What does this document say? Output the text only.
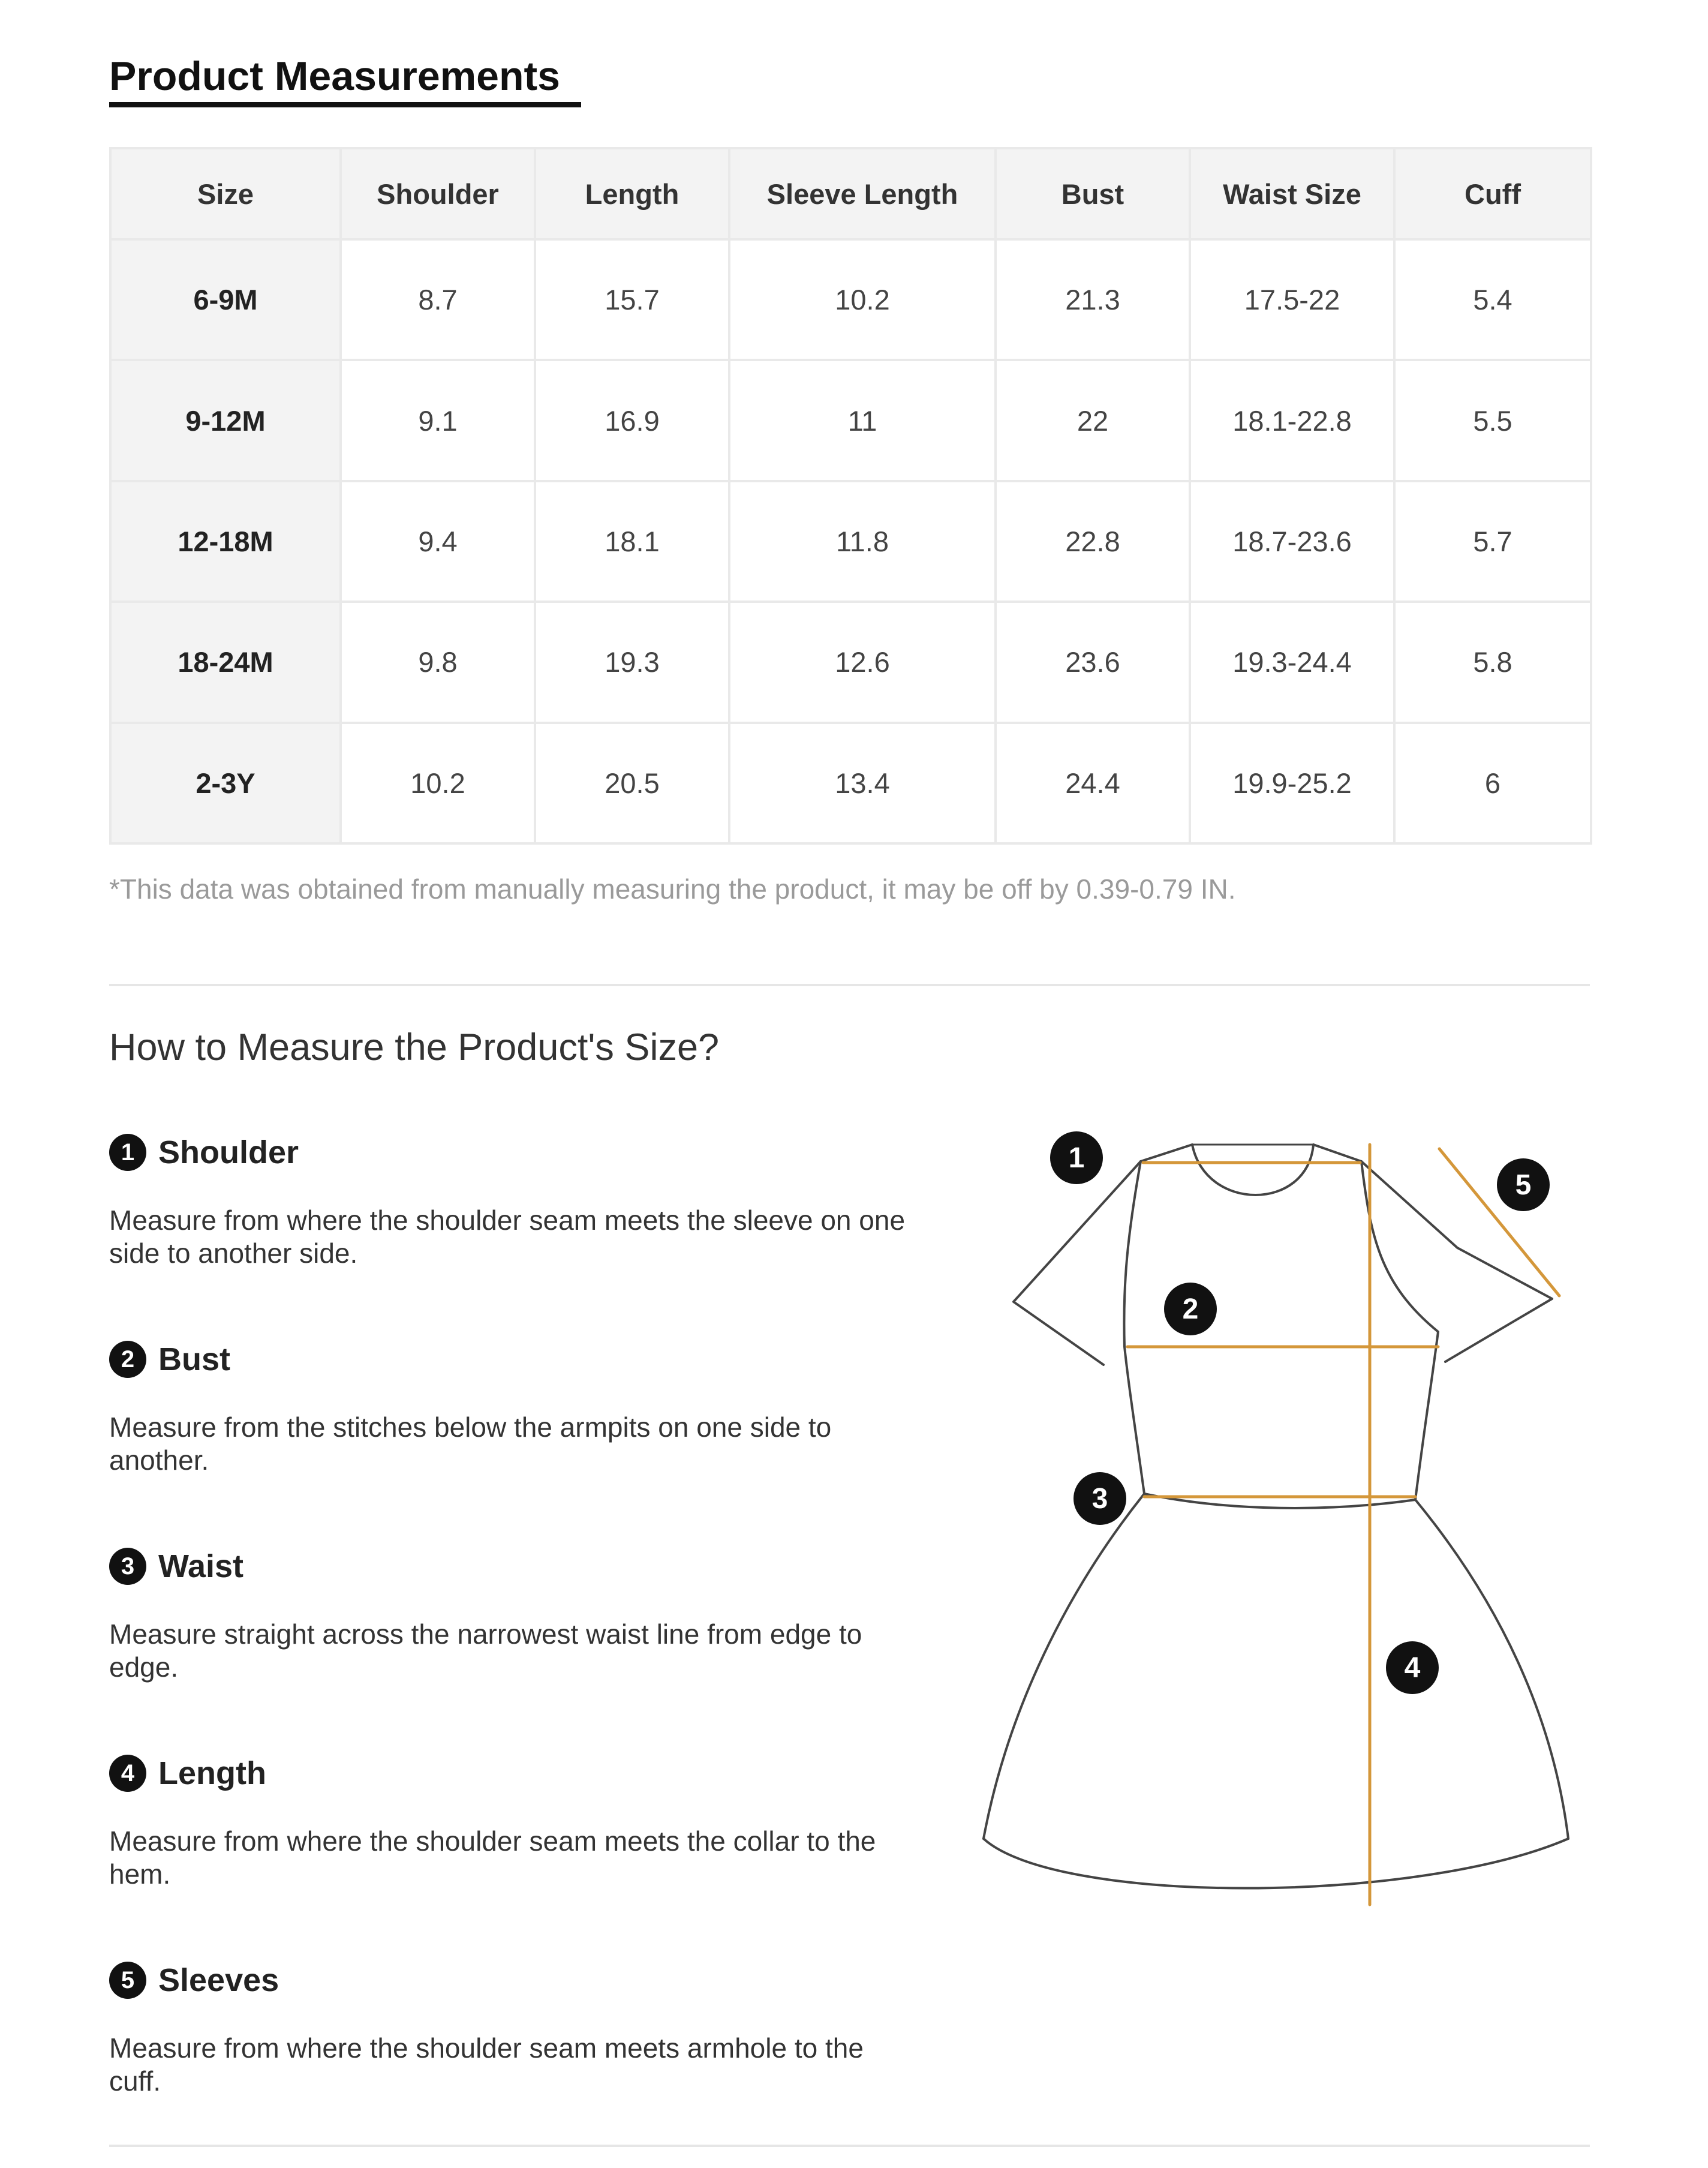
Product Measurements
Size	Shoulder	Length	Sleeve Length	Bust	Waist Size	Cuff
6-9M	8.7	15.7	10.2	21.3	17.5-22	5.4
9-12M	9.1	16.9	11	22	18.1-22.8	5.5
12-18M	9.4	18.1	11.8	22.8	18.7-23.6	5.7
18-24M	9.8	19.3	12.6	23.6	19.3-24.4	5.8
2-3Y	10.2	20.5	13.4	24.4	19.9-25.2	6
*This data was obtained from manually measuring the product, it may be off by 0.39-0.79 IN.
How to Measure the Product's Size?
1 Shoulder
Measure from where the shoulder seam meets the sleeve on one side to another side.
2 Bust
Measure from the stitches below the armpits on one side to another.
3 Waist
Measure straight across the narrowest waist line from edge to edge.
4 Length
Measure from where the shoulder seam meets the collar to the hem.
5 Sleeves
Measure from where the shoulder seam meets armhole to the cuff.
1
2
3
4
5
